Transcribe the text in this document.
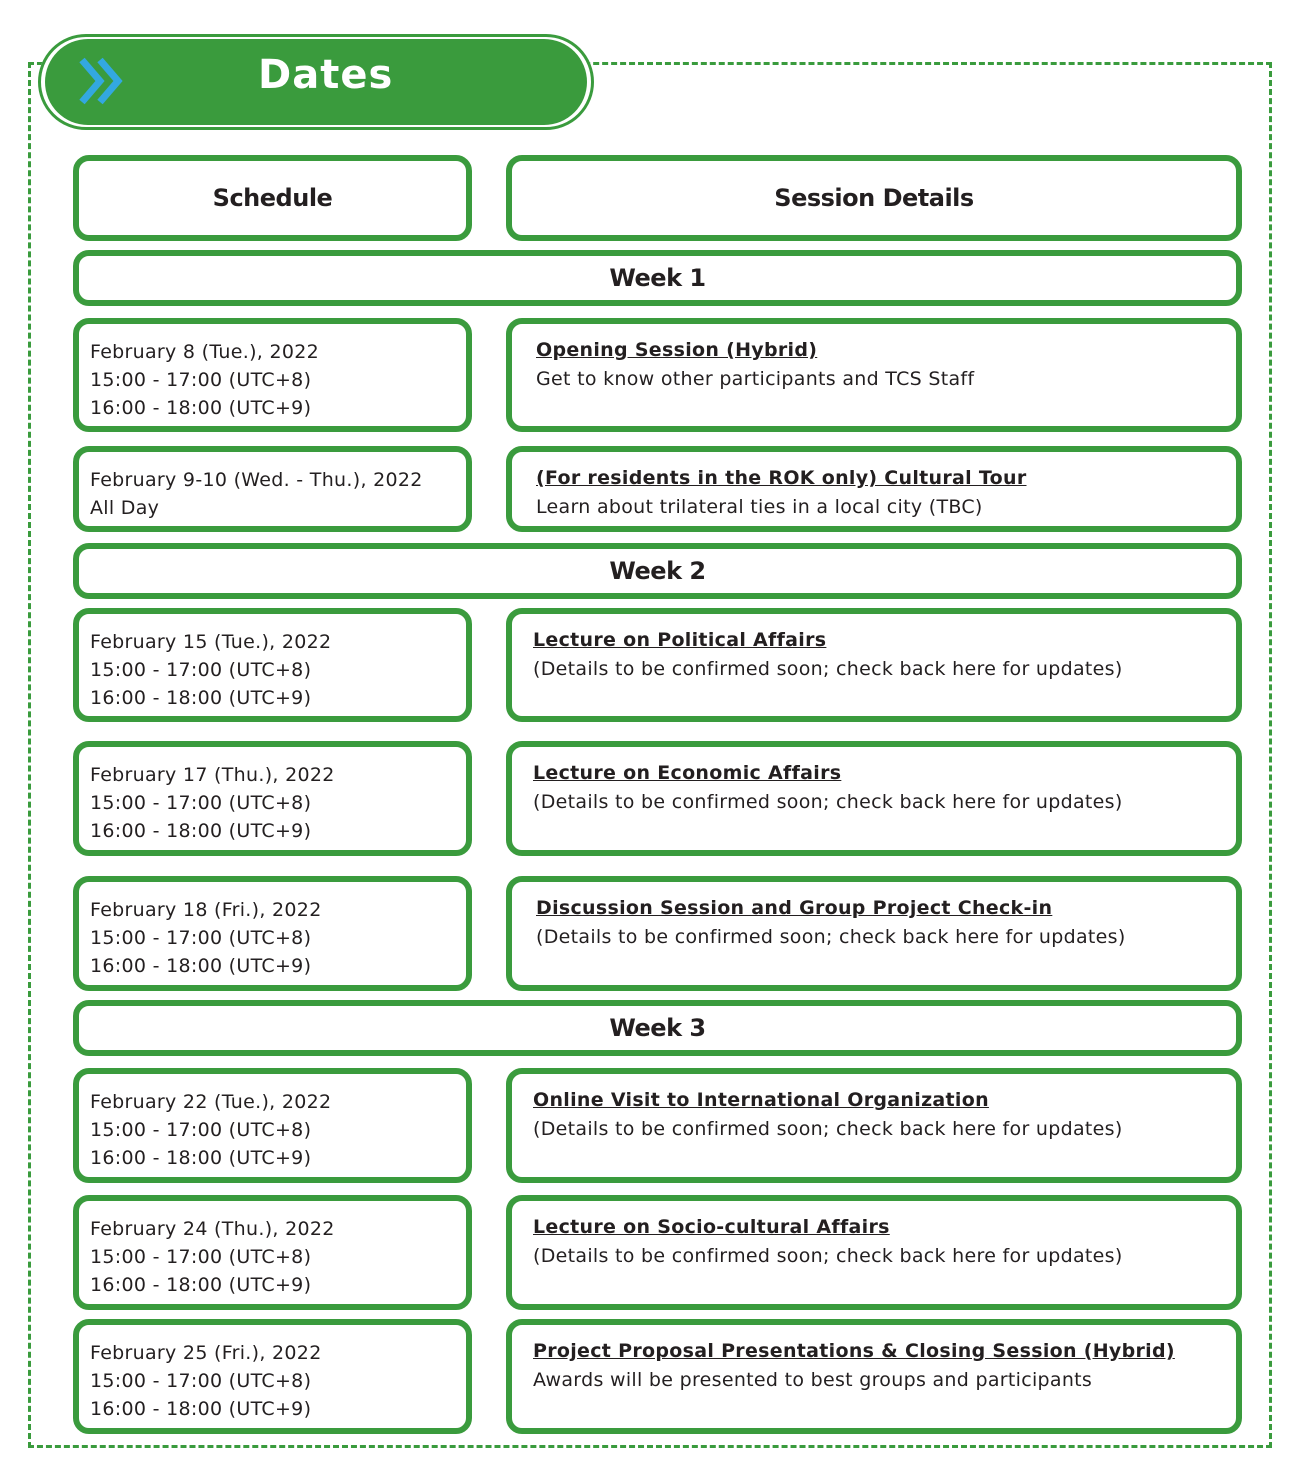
Dates
Schedule	Session Details
Week 1
February 8 (Tue.), 2022
15:00 - 17:00 (UTC+8)
16:00 - 18:00 (UTC+9)
Opening Session (Hybrid)
Get to know other participants and TCS Staff
February 9-10 (Wed. - Thu.), 2022
All Day
(For residents in the ROK only) Cultural Tour
Learn about trilateral ties in a local city (TBC)
Week 2
February 15 (Tue.), 2022
15:00 - 17:00 (UTC+8)
16:00 - 18:00 (UTC+9)
Lecture on Political Affairs
(Details to be confirmed soon; check back here for updates)
February 17 (Thu.), 2022
15:00 - 17:00 (UTC+8)
16:00 - 18:00 (UTC+9)
Lecture on Economic Affairs
(Details to be confirmed soon; check back here for updates)
February 18 (Fri.), 2022
15:00 - 17:00 (UTC+8)
16:00 - 18:00 (UTC+9)
Discussion Session and Group Project Check-in
(Details to be confirmed soon; check back here for updates)
Week 3
February 22 (Tue.), 2022
15:00 - 17:00 (UTC+8)
16:00 - 18:00 (UTC+9)
Online Visit to International Organization
(Details to be confirmed soon; check back here for updates)
February 24 (Thu.), 2022
15:00 - 17:00 (UTC+8)
16:00 - 18:00 (UTC+9)
Lecture on Socio-cultural Affairs
(Details to be confirmed soon; check back here for updates)
February 25 (Fri.), 2022
15:00 - 17:00 (UTC+8)
16:00 - 18:00 (UTC+9)
Project Proposal Presentations & Closing Session (Hybrid)
Awards will be presented to best groups and participants
